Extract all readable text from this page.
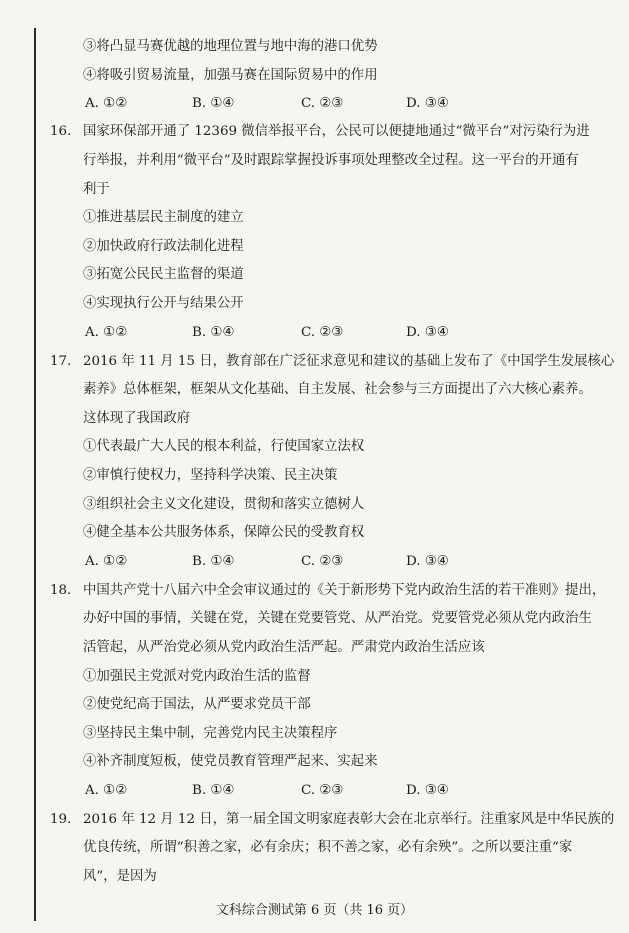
③将凸显马赛优越的地理位置与地中海的港口优势
④将吸引贸易流量，加强马赛在国际贸易中的作用
A. ①②	B. ①④	C. ②③	D. ③④
16. 国家环保部开通了 12369 微信举报平台，公民可以便捷地通过“微平台”对污染行为进
行举报，并利用“微平台”及时跟踪掌握投诉事项处理整改全过程。这一平台的开通有
利于
①推进基层民主制度的建立
②加快政府行政法制化进程
③拓宽公民民主监督的渠道
④实现执行公开与结果公开
A. ①②	B. ①④	C. ②③	D. ③④
17. 2016 年 11 月 15 日，教育部在广泛征求意见和建议的基础上发布了《中国学生发展核心
素养》总体框架，框架从文化基础、自主发展、社会参与三方面提出了六大核心素养。
这体现了我国政府
①代表最广大人民的根本利益，行使国家立法权
②审慎行使权力，坚持科学决策、民主决策
③组织社会主义文化建设，贯彻和落实立德树人
④健全基本公共服务体系，保障公民的受教育权
A. ①②	B. ①④	C. ②③	D. ③④
18. 中国共产党十八届六中全会审议通过的《关于新形势下党内政治生活的若干准则》提出，
办好中国的事情，关键在党，关键在党要管党、从严治党。党要管党必须从党内政治生
活管起，从严治党必须从党内政治生活严起。严肃党内政治生活应该
①加强民主党派对党内政治生活的监督
②使党纪高于国法，从严要求党员干部
③坚持民主集中制，完善党内民主决策程序
④补齐制度短板，使党员教育管理严起来、实起来
A. ①②	B. ①④	C. ②③	D. ③④
19. 2016 年 12 月 12 日，第一届全国文明家庭表彰大会在北京举行。注重家风是中华民族的
优良传统，所谓“积善之家，必有余庆；积不善之家，必有余殃”。之所以要注重“家
风”，是因为
文科综合测试第 6 页（共 16 页）
